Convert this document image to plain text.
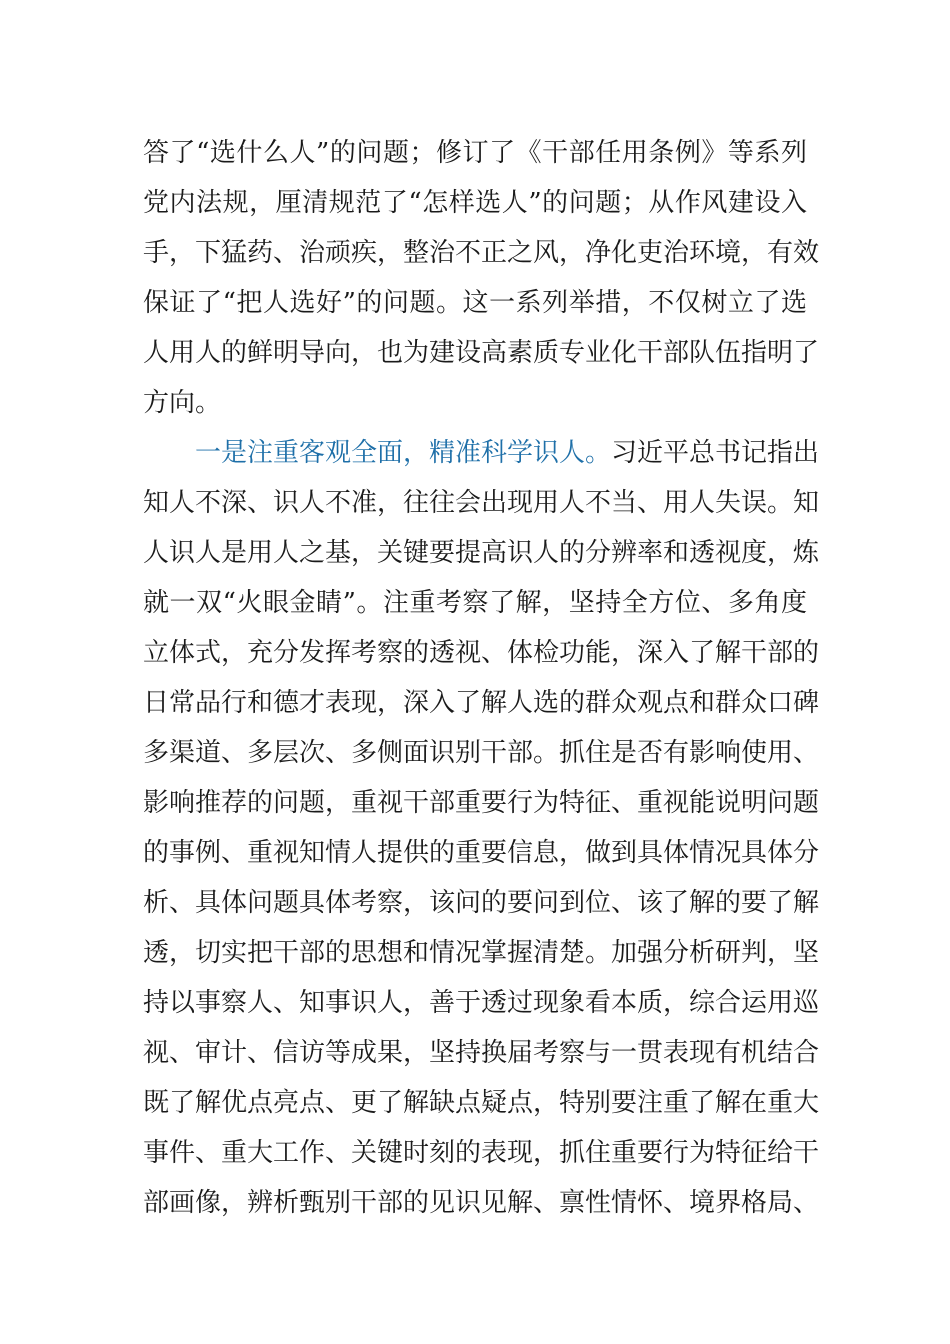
答了“选什么人”的问题；修订了《干部任用条例》等系列
党内法规，厘清规范了“怎样选人”的问题；从作风建设入
手，下猛药、治顽疾，整治不正之风，净化吏治环境，有效
保证了“把人选好”的问题。这一系列举措，不仅树立了选
人用人的鲜明导向，也为建设高素质专业化干部队伍指明了
方向。
一是注重客观全面，精准科学识人。习近平总书记指出
知人不深、识人不准，往往会出现用人不当、用人失误。知
人识人是用人之基，关键要提高识人的分辨率和透视度，炼
就一双“火眼金睛”。注重考察了解，坚持全方位、多角度
立体式，充分发挥考察的透视、体检功能，深入了解干部的
日常品行和德才表现，深入了解人选的群众观点和群众口碑
多渠道、多层次、多侧面识别干部。抓住是否有影响使用、
影响推荐的问题，重视干部重要行为特征、重视能说明问题
的事例、重视知情人提供的重要信息，做到具体情况具体分
析、具体问题具体考察，该问的要问到位、该了解的要了解
透，切实把干部的思想和情况掌握清楚。加强分析研判，坚
持以事察人、知事识人，善于透过现象看本质，综合运用巡
视、审计、信访等成果，坚持换届考察与一贯表现有机结合
既了解优点亮点、更了解缺点疑点，特别要注重了解在重大
事件、重大工作、关键时刻的表现，抓住重要行为特征给干
部画像，辨析甄别干部的见识见解、禀性情怀、境界格局、
